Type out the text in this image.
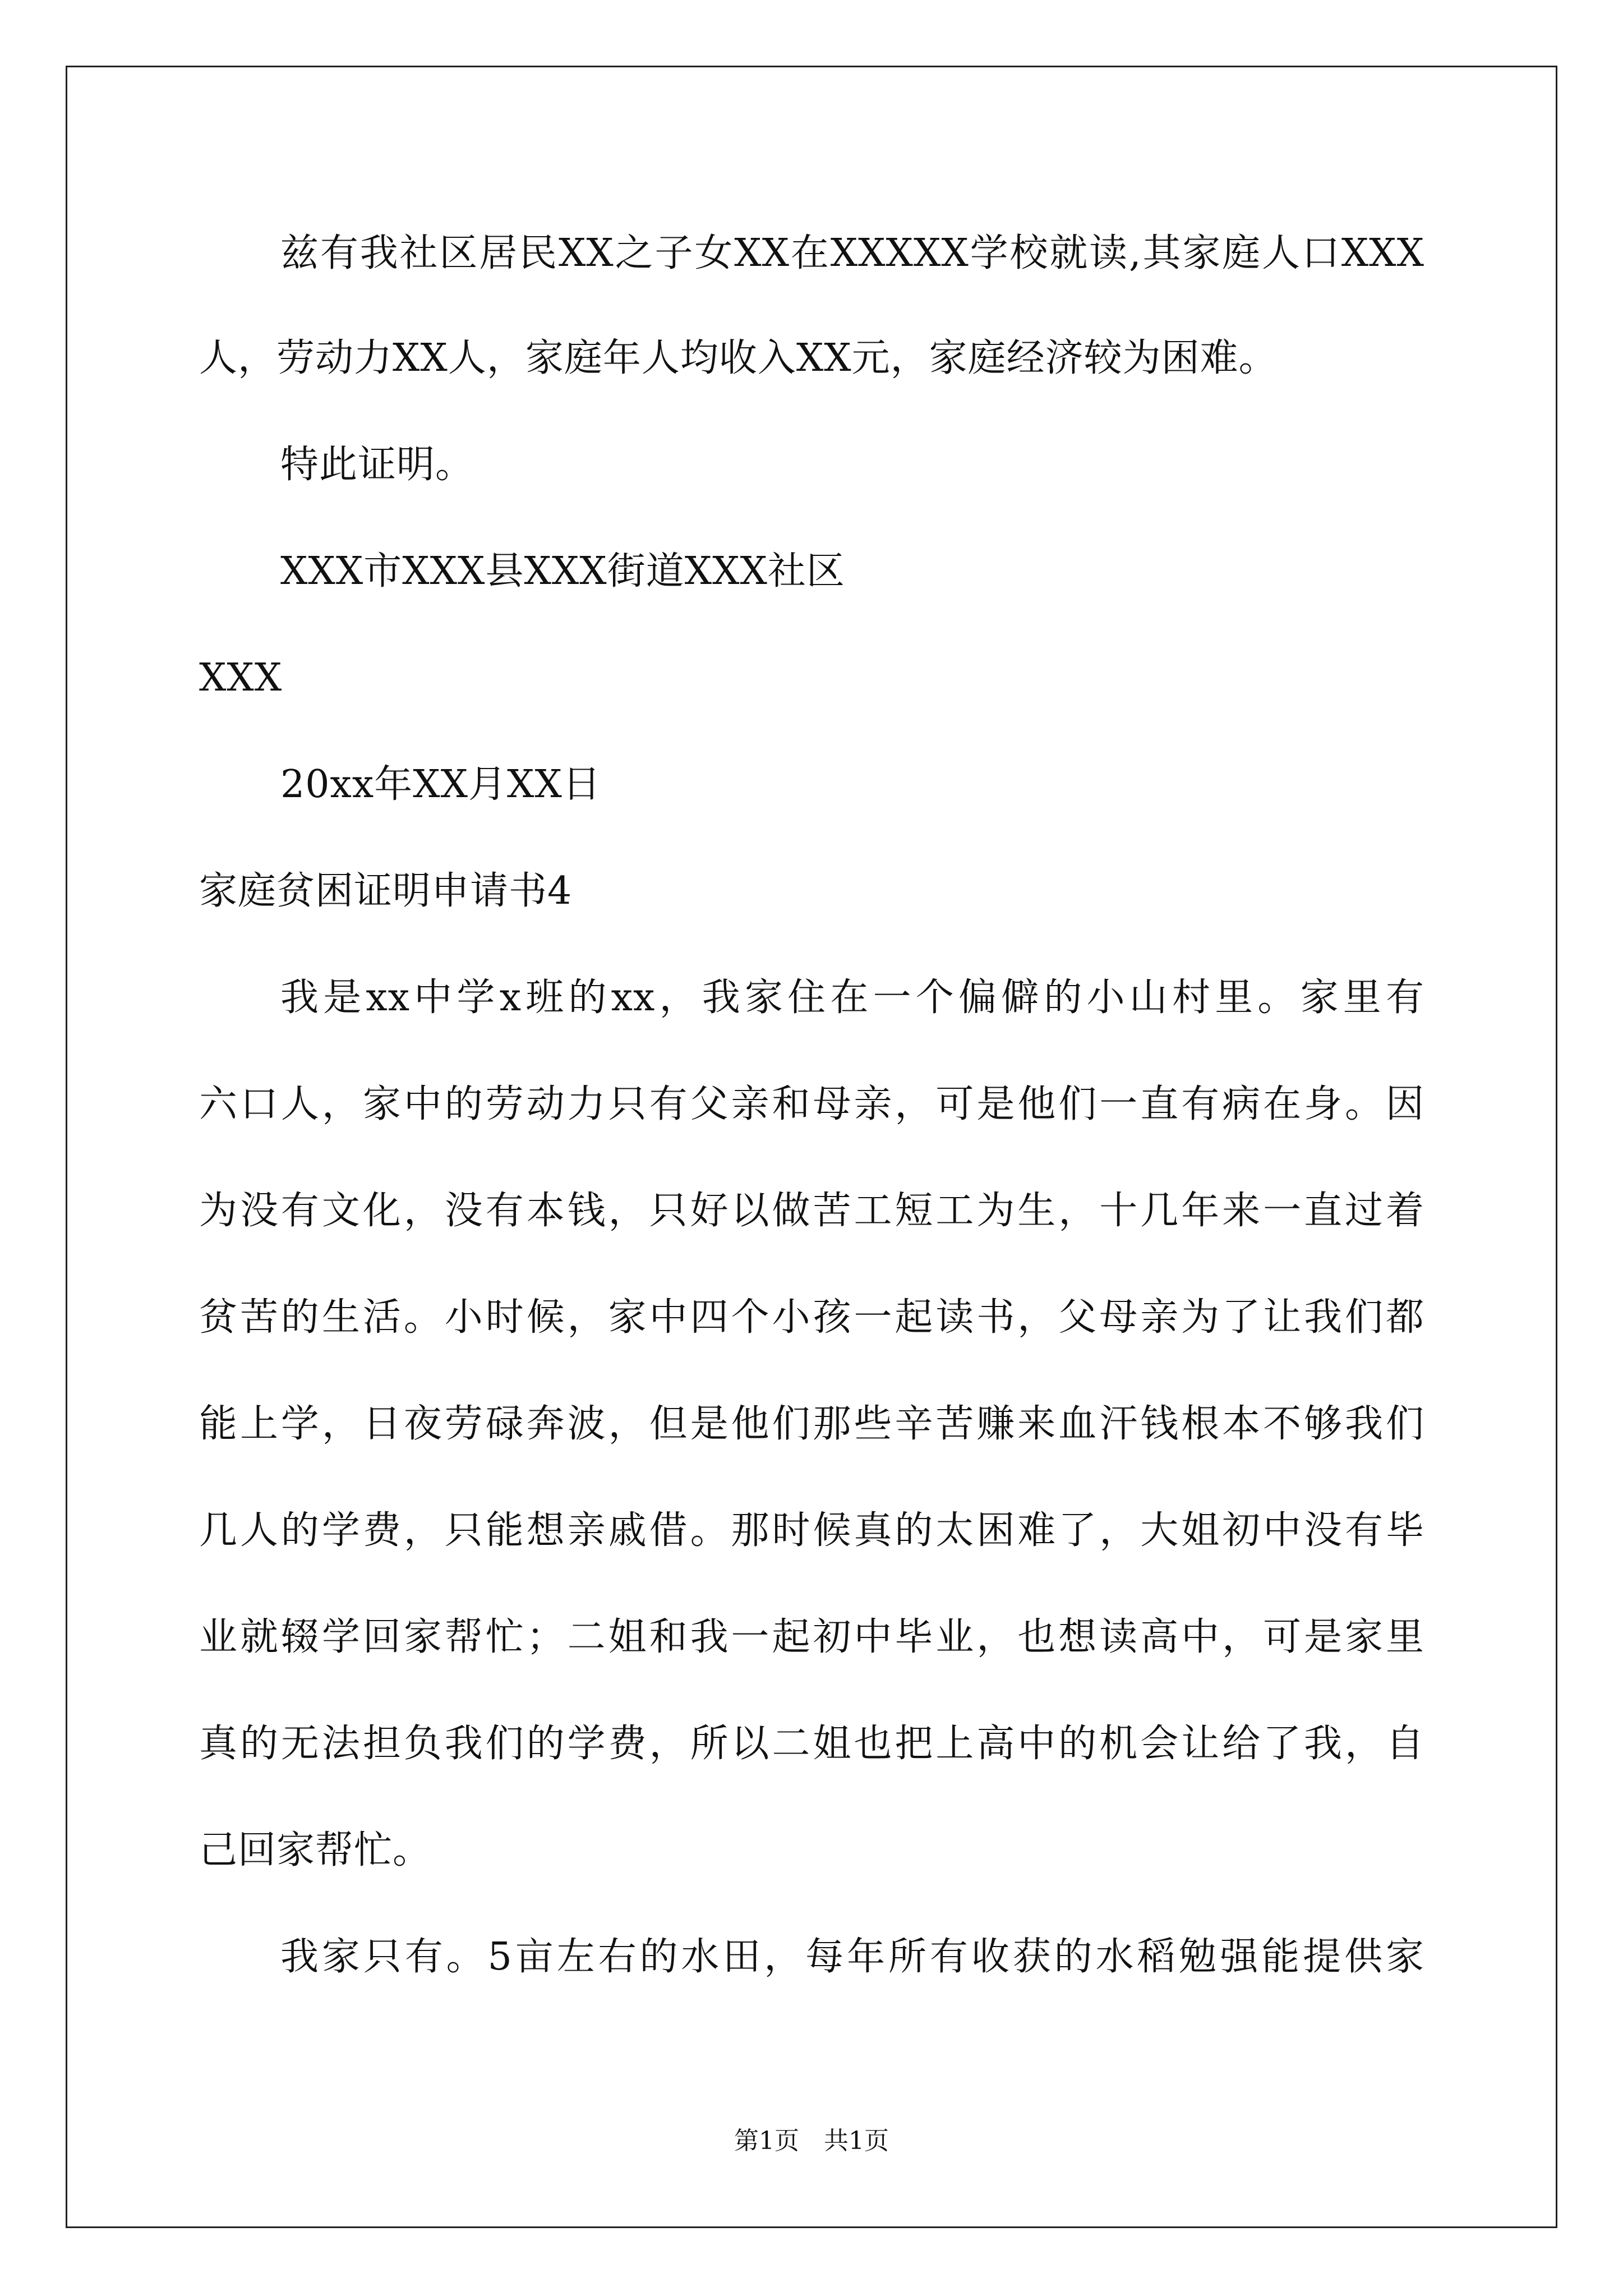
兹有我社区居民XX之子女XX在XXXXX学校就读,其家庭人口XXX
人，劳动力XX人，家庭年人均收入XX元，家庭经济较为困难。
特此证明。
XXX市XXX县XXX街道XXX社区
XXX
20xx年XX月XX日
家庭贫困证明申请书4
我是xx中学x班的xx，我家住在一个偏僻的小山村里。家里有
六口人，家中的劳动力只有父亲和母亲，可是他们一直有病在身。因
为没有文化，没有本钱，只好以做苦工短工为生，十几年来一直过着
贫苦的生活。小时候，家中四个小孩一起读书，父母亲为了让我们都
能上学，日夜劳碌奔波，但是他们那些辛苦赚来血汗钱根本不够我们
几人的学费，只能想亲戚借。那时候真的太困难了，大姐初中没有毕
业就辍学回家帮忙；二姐和我一起初中毕业，也想读高中，可是家里
真的无法担负我们的学费，所以二姐也把上高中的机会让给了我，自
己回家帮忙。
我家只有。5亩左右的水田，每年所有收获的水稻勉强能提供家
第1页　共1页
